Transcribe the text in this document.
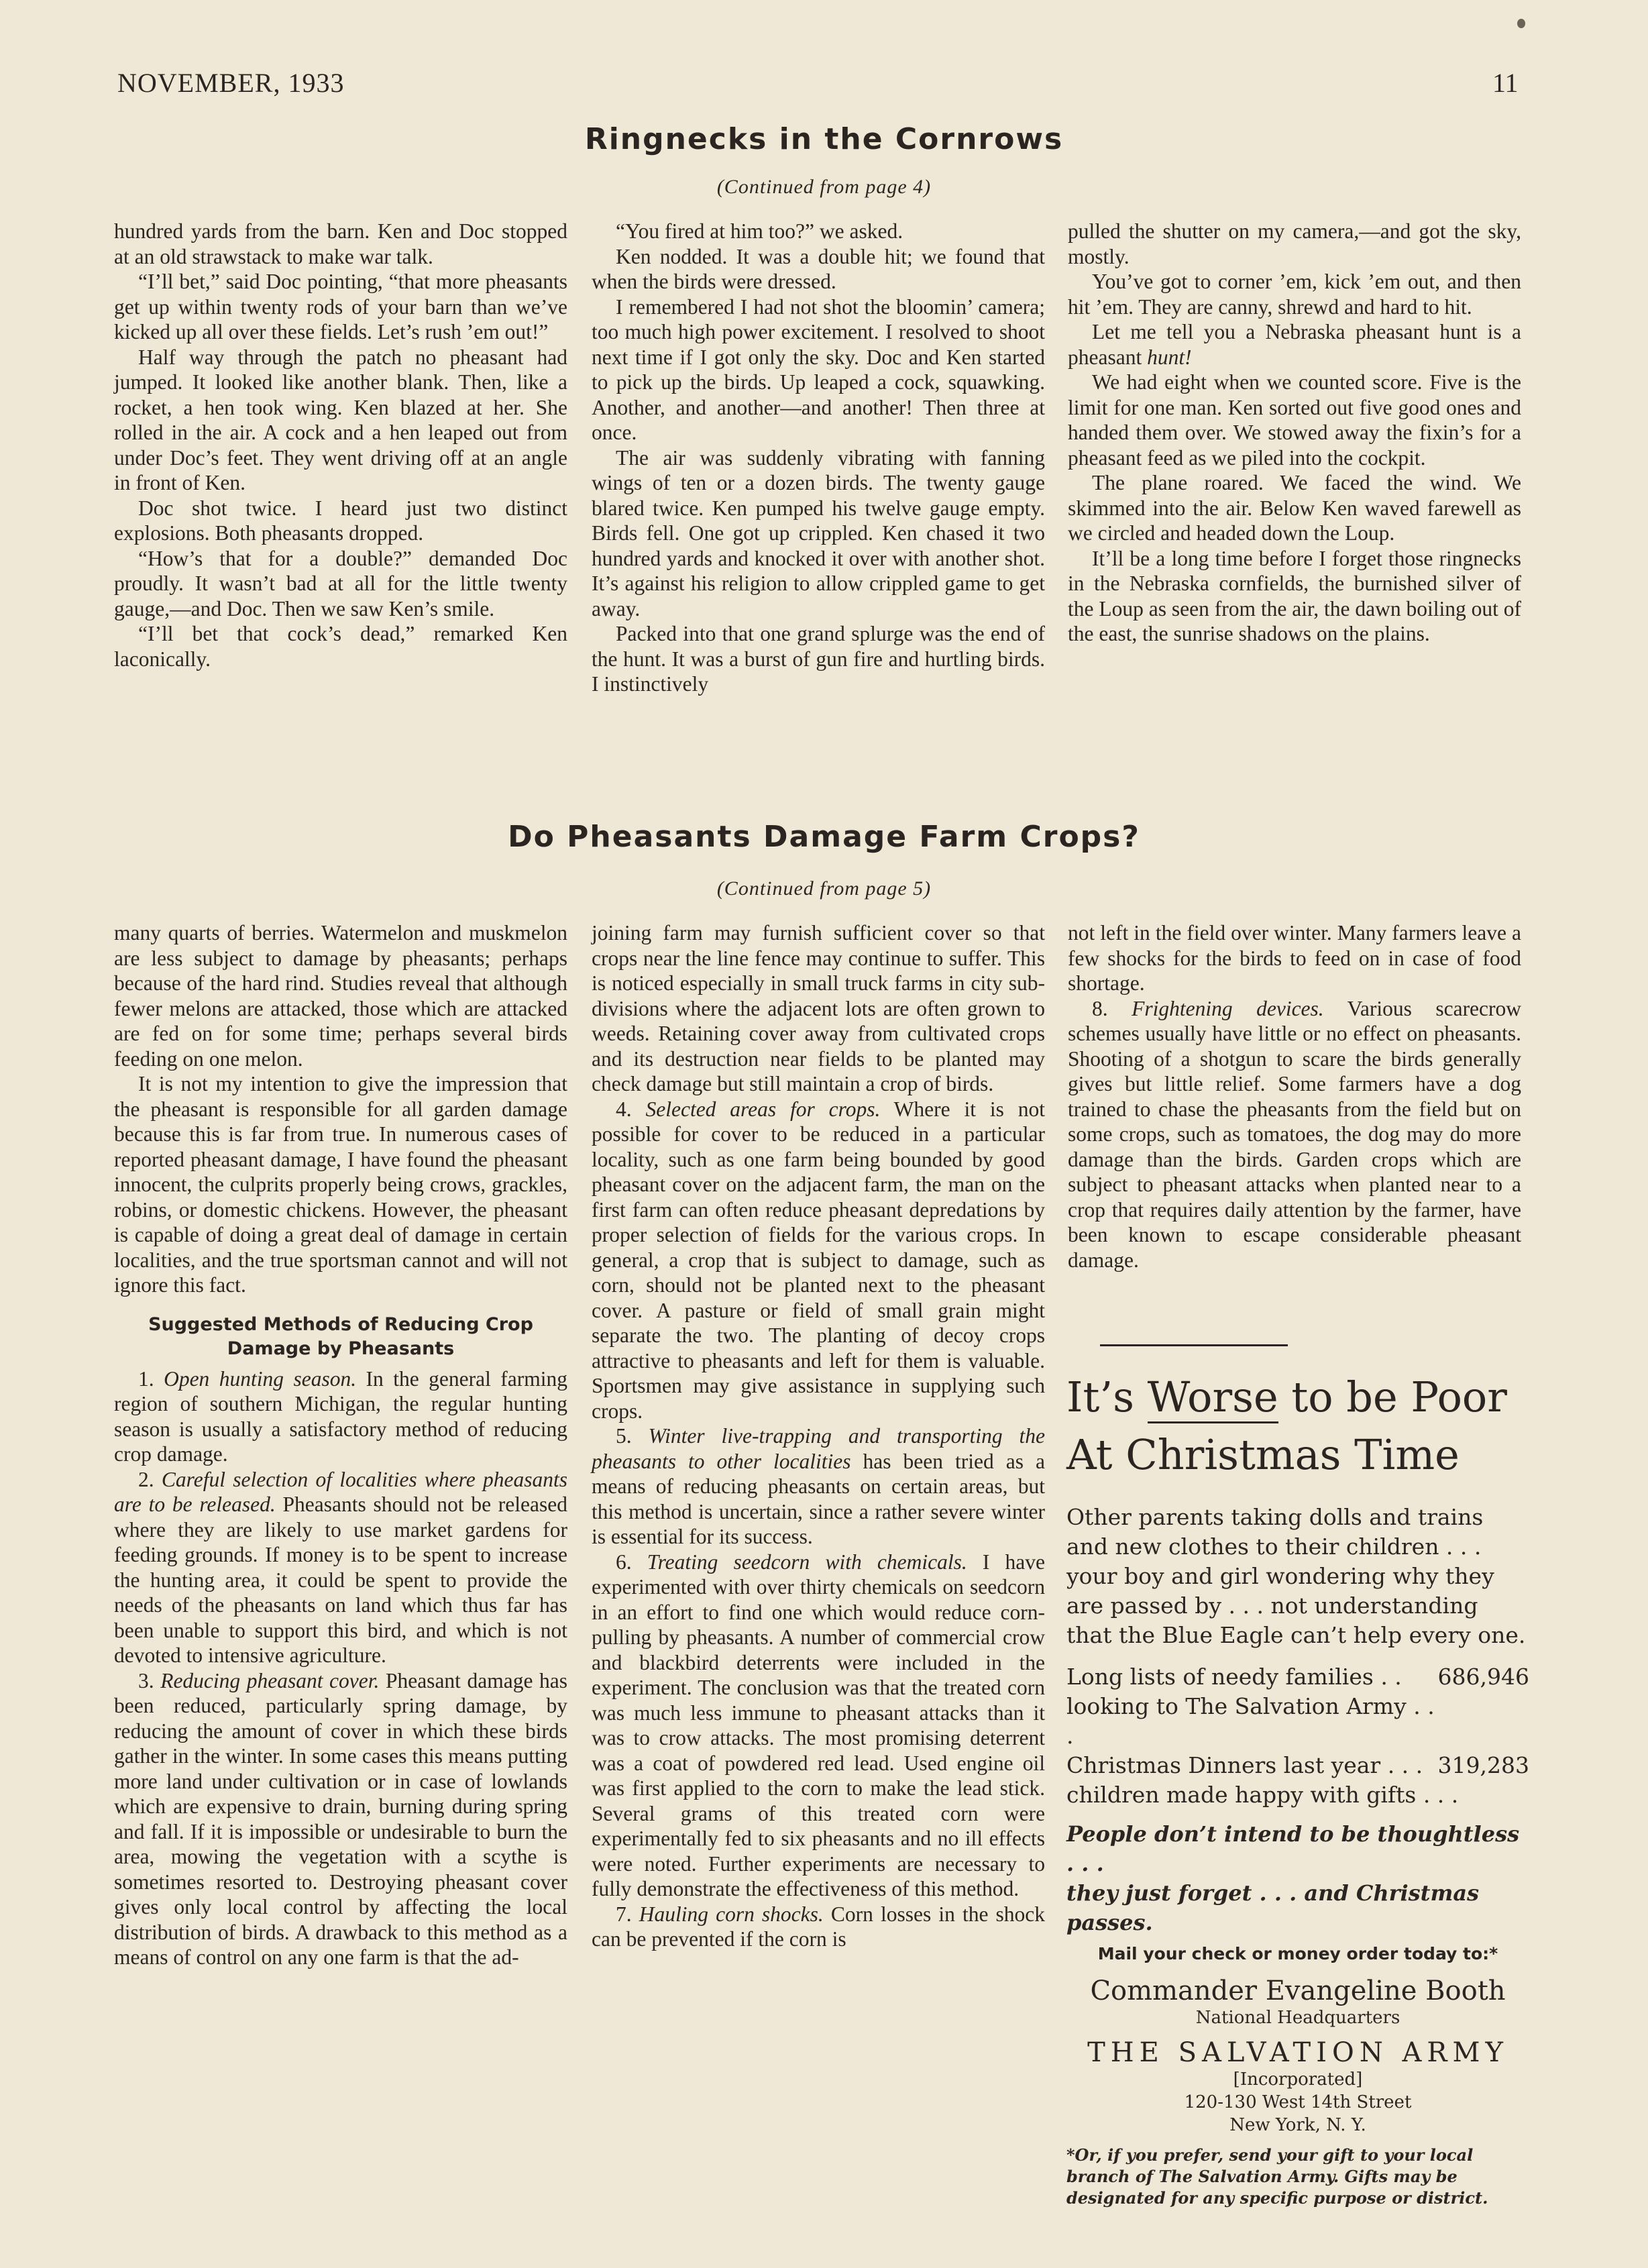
NOVEMBER, 1933	11
Ringnecks in the Cornrows
(Continued from page 4)

hundred yards from the barn. Ken and Doc stopped at an old strawstack to make war talk.

“I’ll bet,” said Doc pointing, “that more pheasants get up within twenty rods of your barn than we’ve kicked up all over these fields. Let’s rush ’em out!”

Half way through the patch no pheasant had jumped. It looked like another blank. Then, like a rocket, a hen took wing. Ken blazed at her. She rolled in the air. A cock and a hen leaped out from under Doc’s feet. They went driving off at an angle in front of Ken.

Doc shot twice. I heard just two distinct explosions. Both pheasants dropped.

“How’s that for a double?” demanded Doc proudly. It wasn’t bad at all for the little twenty gauge,—and Doc. Then we saw Ken’s smile.

“I’ll bet that cock’s dead,” remarked Ken laconically.

“You fired at him too?” we asked.

Ken nodded. It was a double hit; we found that when the birds were dressed.

I remembered I had not shot the bloomin’ camera; too much high power excitement. I resolved to shoot next time if I got only the sky. Doc and Ken started to pick up the birds. Up leaped a cock, squawking. Another, and another—and another! Then three at once.

The air was suddenly vibrating with fanning wings of ten or a dozen birds. The twenty gauge blared twice. Ken pumped his twelve gauge empty. Birds fell. One got up crippled. Ken chased it two hundred yards and knocked it over with another shot. It’s against his religion to allow crippled game to get away.

Packed into that one grand splurge was the end of the hunt. It was a burst of gun fire and hurtling birds. I instinctively

pulled the shutter on my camera,—and got the sky, mostly.

You’ve got to corner ’em, kick ’em out, and then hit ’em. They are canny, shrewd and hard to hit.

Let me tell you a Nebraska pheasant hunt is a pheasant hunt!

We had eight when we counted score. Five is the limit for one man. Ken sorted out five good ones and handed them over. We stowed away the fixin’s for a pheasant feed as we piled into the cockpit.

The plane roared. We faced the wind. We skimmed into the air. Below Ken waved farewell as we circled and headed down the Loup.

It’ll be a long time before I forget those ringnecks in the Nebraska cornfields, the burnished silver of the Loup as seen from the air, the dawn boiling out of the east, the sunrise shadows on the plains.

Do Pheasants Damage Farm Crops?
(Continued from page 5)

many quarts of berries. Watermelon and muskmelon are less subject to damage by pheasants; perhaps because of the hard rind. Studies reveal that although fewer melons are attacked, those which are attacked are fed on for some time; perhaps several birds feeding on one melon.

It is not my intention to give the impression that the pheasant is responsible for all garden damage because this is far from true. In numerous cases of reported pheasant damage, I have found the pheasant innocent, the culprits properly being crows, grackles, robins, or domestic chickens. However, the pheasant is capable of doing a great deal of damage in certain localities, and the true sportsman cannot and will not ignore this fact.

Suggested Methods of Reducing Crop Damage by Pheasants

1. Open hunting season. In the general farming region of southern Michigan, the regular hunting season is usually a satisfactory method of reducing crop damage.

2. Careful selection of localities where pheasants are to be released. Pheasants should not be released where they are likely to use market gardens for feeding grounds. If money is to be spent to increase the hunting area, it could be spent to provide the needs of the pheasants on land which thus far has been unable to support this bird, and which is not devoted to intensive agriculture.

3. Reducing pheasant cover. Pheasant damage has been reduced, particularly spring damage, by reducing the amount of cover in which these birds gather in the winter. In some cases this means putting more land under cultivation or in case of lowlands which are expensive to drain, burning during spring and fall. If it is impossible or undesirable to burn the area, mowing the vegetation with a scythe is sometimes resorted to. Destroying pheasant cover gives only local control by affecting the local distribution of birds. A drawback to this method as a means of control on any one farm is that the ad-

joining farm may furnish sufficient cover so that crops near the line fence may continue to suffer. This is noticed especially in small truck farms in city sub-divisions where the adjacent lots are often grown to weeds. Retaining cover away from cultivated crops and its destruction near fields to be planted may check damage but still maintain a crop of birds.

4. Selected areas for crops. Where it is not possible for cover to be reduced in a particular locality, such as one farm being bounded by good pheasant cover on the adjacent farm, the man on the first farm can often reduce pheasant depredations by proper selection of fields for the various crops. In general, a crop that is subject to damage, such as corn, should not be planted next to the pheasant cover. A pasture or field of small grain might separate the two. The planting of decoy crops attractive to pheasants and left for them is valuable. Sportsmen may give assistance in supplying such crops.

5. Winter live-trapping and transporting the pheasants to other localities has been tried as a means of reducing pheasants on certain areas, but this method is uncertain, since a rather severe winter is essential for its success.

6. Treating seedcorn with chemicals. I have experimented with over thirty chemicals on seedcorn in an effort to find one which would reduce corn-pulling by pheasants. A number of commercial crow and blackbird deterrents were included in the experiment. The conclusion was that the treated corn was much less immune to pheasant attacks than it was to crow attacks. The most promising deterrent was a coat of powdered red lead. Used engine oil was first applied to the corn to make the lead stick. Several grams of this treated corn were experimentally fed to six pheasants and no ill effects were noted. Further experiments are necessary to fully demonstrate the effectiveness of this method.

7. Hauling corn shocks. Corn losses in the shock can be prevented if the corn is

not left in the field over winter. Many farmers leave a few shocks for the birds to feed on in case of food shortage.

8. Frightening devices. Various scarecrow schemes usually have little or no effect on pheasants. Shooting of a shotgun to scare the birds generally gives but little relief. Some farmers have a dog trained to chase the pheasants from the field but on some crops, such as tomatoes, the dog may do more damage than the birds. Garden crops which are subject to pheasant attacks when planted near to a crop that requires daily attention by the farmer, have been known to escape considerable pheasant damage.

It’s Worse to be Poor
At Christmas Time
Other parents taking dolls and trains and new clothes to their children . . . your boy and girl wondering why they are passed by . . . not understanding that the Blue Eagle can’t help every one.
Long lists of needy families . . looking to The Salvation Army . . .
686,946
Christmas Dinners last year . . . 319,283
children made happy with gifts . . .
People don’t intend to be thoughtless . . .
they just forget . . . and Christmas passes.
Mail your check or money order today to:*
Commander Evangeline Booth
National Headquarters
THE SALVATION ARMY
[Incorporated]
120-130 West 14th Street
New York, N. Y.
*Or, if you prefer, send your gift to your local branch of The Salvation Army. Gifts may be designated for any specific purpose or district.
